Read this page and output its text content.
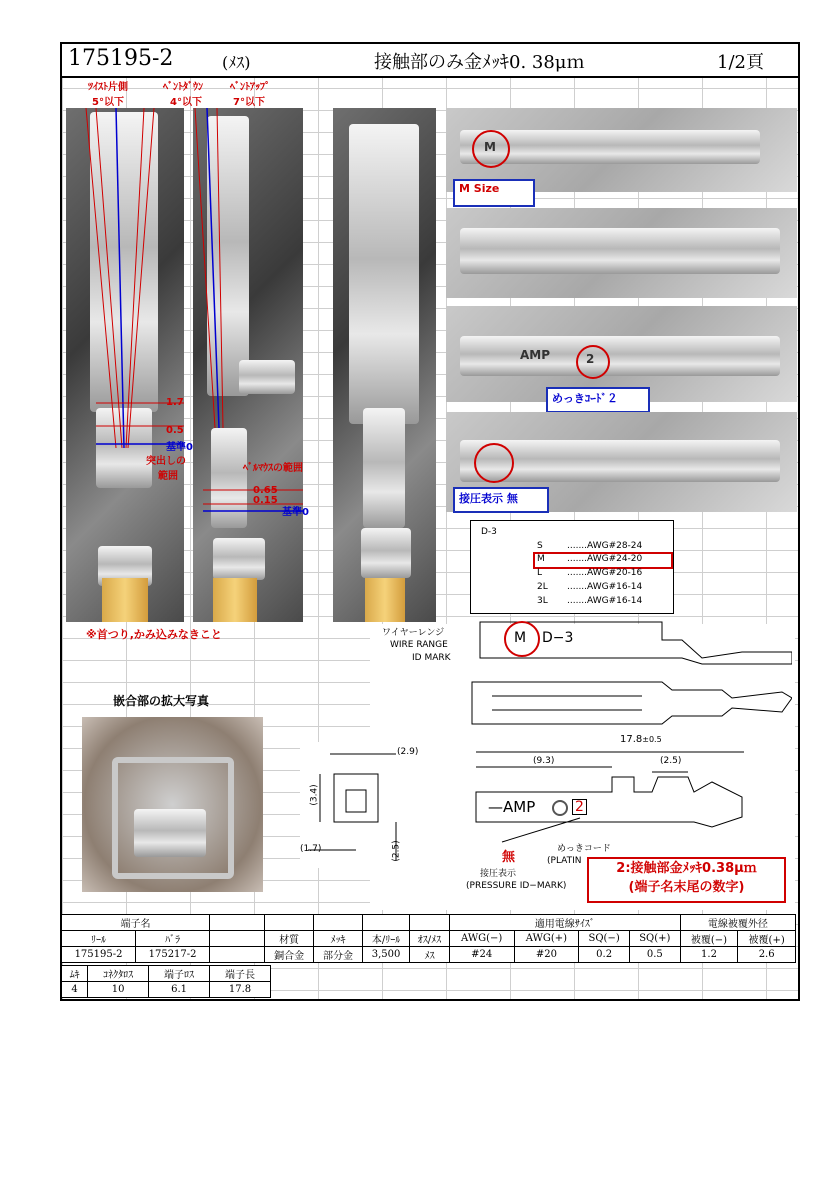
175195-2	(ﾒｽ)	接触部のみ金ﾒｯｷ0. 38μｍ	1/2頁
ﾂｲｽﾄ片側
5°以下
1.7
0.5
基準0
突出しの
範囲
ﾍﾞﾝﾄﾀﾞｳﾝ
4°以下
ﾍﾞﾝﾄｱｯﾌﾟ
7°以下
ﾍﾞﾙﾏｳｽの範囲
0.65
0.15
基準0
M
M Size
AMP	2
めっきｺｰﾄﾞ２
接圧表示 無
※首つり,かみ込みなきこと
D-3
S	.......AWG#28-24
M .......AWG#24-20
L	.......AWG#20-16
2L .......AWG#16-14
3L .......AWG#16-14
ワイヤーレンジ
WIRE RANGE
ID MARK
M D−3
17.8±0.5
(9.3)	(2.5)
—AMP	2
めっきコード
(PLATIN
無
接圧表示
(PRESSURE ID−MARK)
2:接触部金ﾒｯｷ0.38μｍ
(端子名末尾の数字)
(2.9)
(3.4)
(1.7)	(2.5)
嵌合部の拡大写真
端子名							適用電線ｻｲｽﾞ				電線被覆外径	
ﾘｰﾙ	ﾊﾞﾗ		材質	ﾒｯｷ	本/ﾘｰﾙ	ｵｽ/ﾒｽ	AWG(−)	AWG(+)	SQ(−)	SQ(+)	被覆(−)	被覆(+)
175195-2	175217-2		銅合金	部分金	3,500	ﾒｽ	#24	#20	0.2	0.5	1.2	2.6
ﾑｷ	ｺﾈｸﾀﾛｽ	端子ﾛｽ	端子長
4	10	6.1	17.8
